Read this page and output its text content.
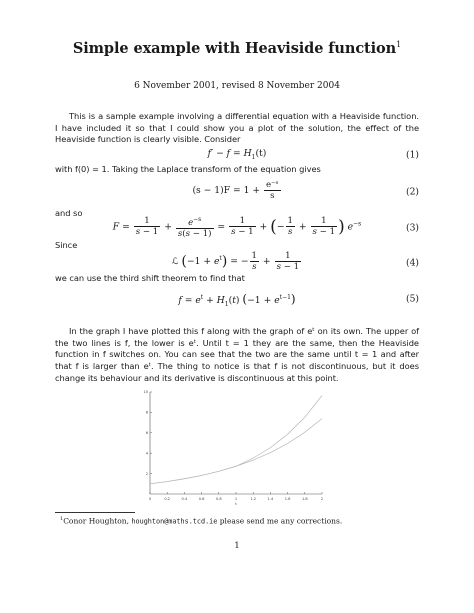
Simple example with Heaviside function$^1$
6 November 2001, revised 8 November 2004
This is a sample example involving a differential equation with a Heaviside function. I have included it so that I could show you a plot of the solution, the effect of the Heaviside function is clearly visible. Consider
$f' - f = H_1(t)$	(1)
with f(0) = 1. Taking the Laplace transform of the equation gives
$(s - 1)F = 1 + \frac{\text{e⁻ˢ}}{s}$	(2)
and so
$F = \frac{1}{s - 1} + \frac{e^{-s}}{s(s - 1)} = \frac{1}{s - 1}$ + (− $\frac{1}{s} + \frac{1}{s - 1}$ ) $e^{-s}$	(3)
Since
ℒ $(-1 + e^t)$ = − $\frac{1}{s} + \frac{1}{s - 1}$	(4)
we can use the third shift theorem to find that
$f = e^t + H_1(t) (-1 + e^{t-1})$	(5)
In the graph I have plotted this f along with the graph of eᵗ on its own. The upper of the two lines is f, the lower is eᵗ. Until t = 1 they are the same, then the Heaviside function in f switches on. You can see that the two are the same until t = 1 and after that f is larger than eᵗ. The thing to notice is that f is not discontinuous, but it does change its behaviour and its derivative is discontinuous at this point.
0	0.2	0.4	0.6	0.8	1	1.2	1.4	1.6	1.8	2
2
4
6
8
10
t
$^1$Conor Houghton, houghton@maths.tcd.ie please send me any corrections.
1
